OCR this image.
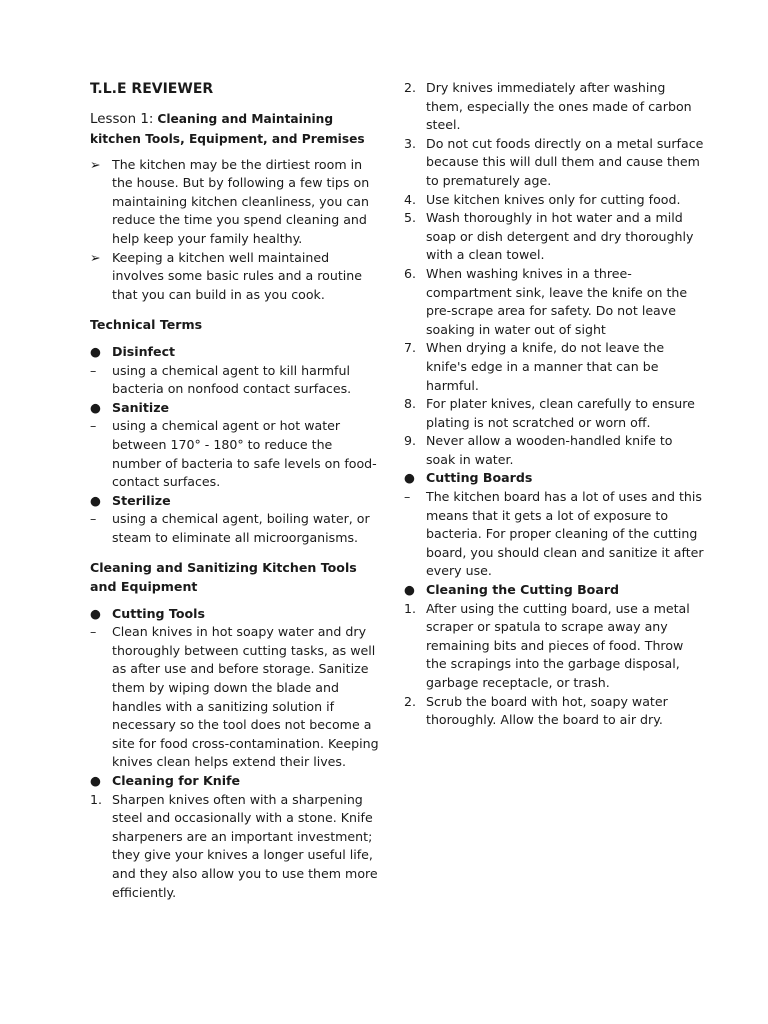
T.L.E REVIEWER
Lesson 1: Cleaning and Maintaining
kitchen Tools, Equipment, and Premises
➢ The kitchen may be the dirtiest room in the house. But by following a few tips on maintaining kitchen cleanliness, you can reduce the time you spend cleaning and help keep your family healthy.
➢ Keeping a kitchen well maintained involves some basic rules and a routine that you can build in as you cook.
Technical Terms
● Disinfect
–	using a chemical agent to kill harmful bacteria on nonfood contact surfaces.
● Sanitize
–	using a chemical agent or hot water between 170° - 180° to reduce the number of bacteria to safe levels on food-contact surfaces.
● Sterilize
–	using a chemical agent, boiling water, or steam to eliminate all microorganisms.
Cleaning and Sanitizing Kitchen Tools and Equipment
● Cutting Tools
–	Clean knives in hot soapy water and dry thoroughly between cutting tasks, as well as after use and before storage. Sanitize them by wiping down the blade and handles with a sanitizing solution if necessary so the tool does not become a site for food cross-contamination. Keeping knives clean helps extend their lives.
● Cleaning for Knife
1. Sharpen knives often with a sharpening steel and occasionally with a stone. Knife sharpeners are an important investment; they give your knives a longer useful life, and they also allow you to use them more efficiently.
2. Dry knives immediately after washing them, especially the ones made of carbon steel.
3. Do not cut foods directly on a metal surface because this will dull them and cause them to prematurely age.
4. Use kitchen knives only for cutting food.
5. Wash thoroughly in hot water and a mild soap or dish detergent and dry thoroughly with a clean towel.
6. When washing knives in a three-compartment sink, leave the knife on the pre-scrape area for safety. Do not leave soaking in water out of sight
7. When drying a knife, do not leave the knife's edge in a manner that can be harmful.
8. For plater knives, clean carefully to ensure plating is not scratched or worn off.
9. Never allow a wooden-handled knife to soak in water.
● Cutting Boards
–	The kitchen board has a lot of uses and this means that it gets a lot of exposure to bacteria. For proper cleaning of the cutting board, you should clean and sanitize it after every use.
● Cleaning the Cutting Board
1. After using the cutting board, use a metal scraper or spatula to scrape away any remaining bits and pieces of food. Throw the scrapings into the garbage disposal, garbage receptacle, or trash.
2. Scrub the board with hot, soapy water thoroughly. Allow the board to air dry.
